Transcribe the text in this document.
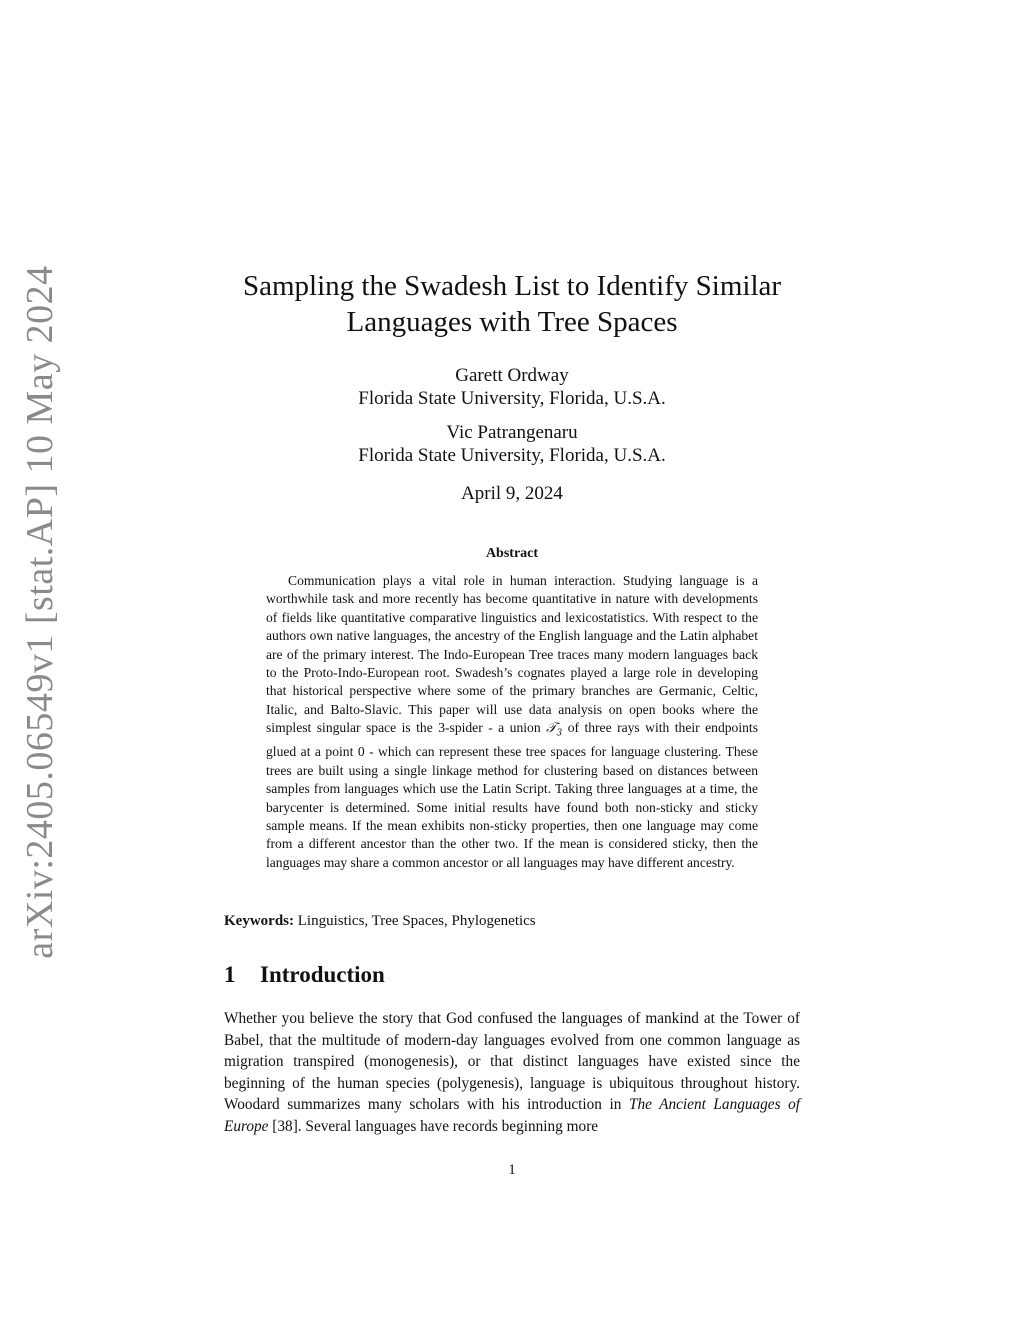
arXiv:2405.06549v1 [stat.AP] 10 May 2024	Sampling the Swadesh List to Identify Similar
Languages with Tree Spaces
Garett Ordway
Florida State University, Florida, U.S.A.
Vic Patrangenaru
Florida State University, Florida, U.S.A.
April 9, 2024
Abstract
Communication plays a vital role in human interaction. Studying language is a worthwhile task and more recently has become quantitative in nature with developments of fields like quantitative comparative linguistics and lexicostatistics. With respect to the authors own native languages, the ancestry of the English language and the Latin alphabet are of the primary interest. The Indo-European Tree traces many modern languages back to the Proto-Indo-European root. Swadesh’s cognates played a large role in developing that historical perspective where some of the primary branches are Germanic, Celtic, Italic, and Balto-Slavic. This paper will use data analysis on open books where the simplest singular space is the 3-spider - a union 𝒯$_3$ of three rays with their endpoints glued at a point 0 - which can represent these tree spaces for language clustering. These trees are built using a single linkage method for clustering based on distances between samples from languages which use the Latin Script. Taking three languages at a time, the barycenter is determined. Some initial results have found both non-sticky and sticky sample means. If the mean exhibits non-sticky properties, then one language may come from a different ancestor than the other two. If the mean is considered sticky, then the languages may share a common ancestor or all languages may have different ancestry.
Keywords: Linguistics, Tree Spaces, Phylogenetics
1 Introduction
Whether you believe the story that God confused the languages of mankind at the Tower of Babel, that the multitude of modern-day languages evolved from one common language as migration transpired (monogenesis), or that distinct languages have existed since the beginning of the human species (polygenesis), language is ubiquitous throughout history. Woodard summarizes many scholars with his introduction in The Ancient Languages of Europe [38]. Several languages have records beginning more
1
